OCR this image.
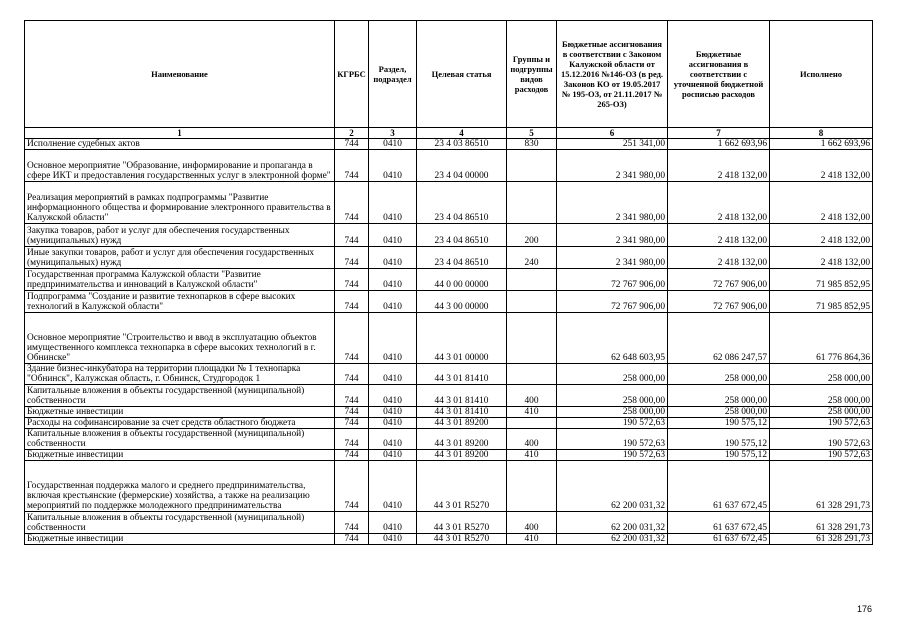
Наименование	КГРБС	Раздел, подраздел	Целевая статья	Группы и подгруппы видов расходов	Бюджетные ассигнования в соответствии с Законом Калужской области от 15.12.2016 №146-ОЗ (в ред. Законов КО от 19.05.2017 № 195-ОЗ, от 21.11.2017 № 265-ОЗ)	Бюджетные ассигнования в соответствии с уточненной бюджетной росписью расходов	Исполнено
1	2	3	4	5	6	7	8
Исполнение судебных актов	744	0410	23 4 03 86510	830	251 341,00	1 662 693,96	1 662 693,96
Основное мероприятие "Образование, информирование и пропаганда в сфере ИКТ и предоставления государственных услуг в электронной форме"	744	0410	23 4 04 00000		2 341 980,00	2 418 132,00	2 418 132,00
Реализация мероприятий в рамках подпрограммы "Развитие информационного общества и формирование электронного правительства в Калужской области"	744	0410	23 4 04 86510		2 341 980,00	2 418 132,00	2 418 132,00
Закупка товаров, работ и услуг для обеспечения государственных (муниципальных) нужд	744	0410	23 4 04 86510	200	2 341 980,00	2 418 132,00	2 418 132,00
Иные закупки товаров, работ и услуг для обеспечения государственных (муниципальных) нужд	744	0410	23 4 04 86510	240	2 341 980,00	2 418 132,00	2 418 132,00
Государственная программа Калужской области "Развитие предпринимательства и инноваций в Калужской области"	744	0410	44 0 00 00000		72 767 906,00	72 767 906,00	71 985 852,95
Подпрограмма "Создание и развитие технопарков в сфере высоких технологий в Калужской области"	744	0410	44 3 00 00000		72 767 906,00	72 767 906,00	71 985 852,95
Основное мероприятие "Строительство и ввод в эксплуатацию объектов имущественного комплекса технопарка в сфере высоких технологий в г. Обнинске"	744	0410	44 3 01 00000		62 648 603,95	62 086 247,57	61 776 864,36
Здание бизнес-инкубатора на территории площадки № 1 технопарка "Обнинск", Калужская область, г. Обнинск, Студгородок 1	744	0410	44 3 01 81410		258 000,00	258 000,00	258 000,00
Капитальные вложения в объекты государственной (муниципальной) собственности	744	0410	44 3 01 81410	400	258 000,00	258 000,00	258 000,00
Бюджетные инвестиции	744	0410	44 3 01 81410	410	258 000,00	258 000,00	258 000,00
Расходы на софинансирование за счет средств областного бюджета	744	0410	44 3 01 89200		190 572,63	190 575,12	190 572,63
Капитальные вложения в объекты государственной (муниципальной) собственности	744	0410	44 3 01 89200	400	190 572,63	190 575,12	190 572,63
Бюджетные инвестиции	744	0410	44 3 01 89200	410	190 572,63	190 575,12	190 572,63
Государственная поддержка малого и среднего предпринимательства, включая крестьянские (фермерские) хозяйства, а также на реализацию мероприятий по поддержке молодежного предпринимательства	744	0410	44 3 01 R5270		62 200 031,32	61 637 672,45	61 328 291,73
Капитальные вложения в объекты государственной (муниципальной) собственности	744	0410	44 3 01 R5270	400	62 200 031,32	61 637 672,45	61 328 291,73
Бюджетные инвестиции	744	0410	44 3 01 R5270	410	62 200 031,32	61 637 672,45	61 328 291,73
176
